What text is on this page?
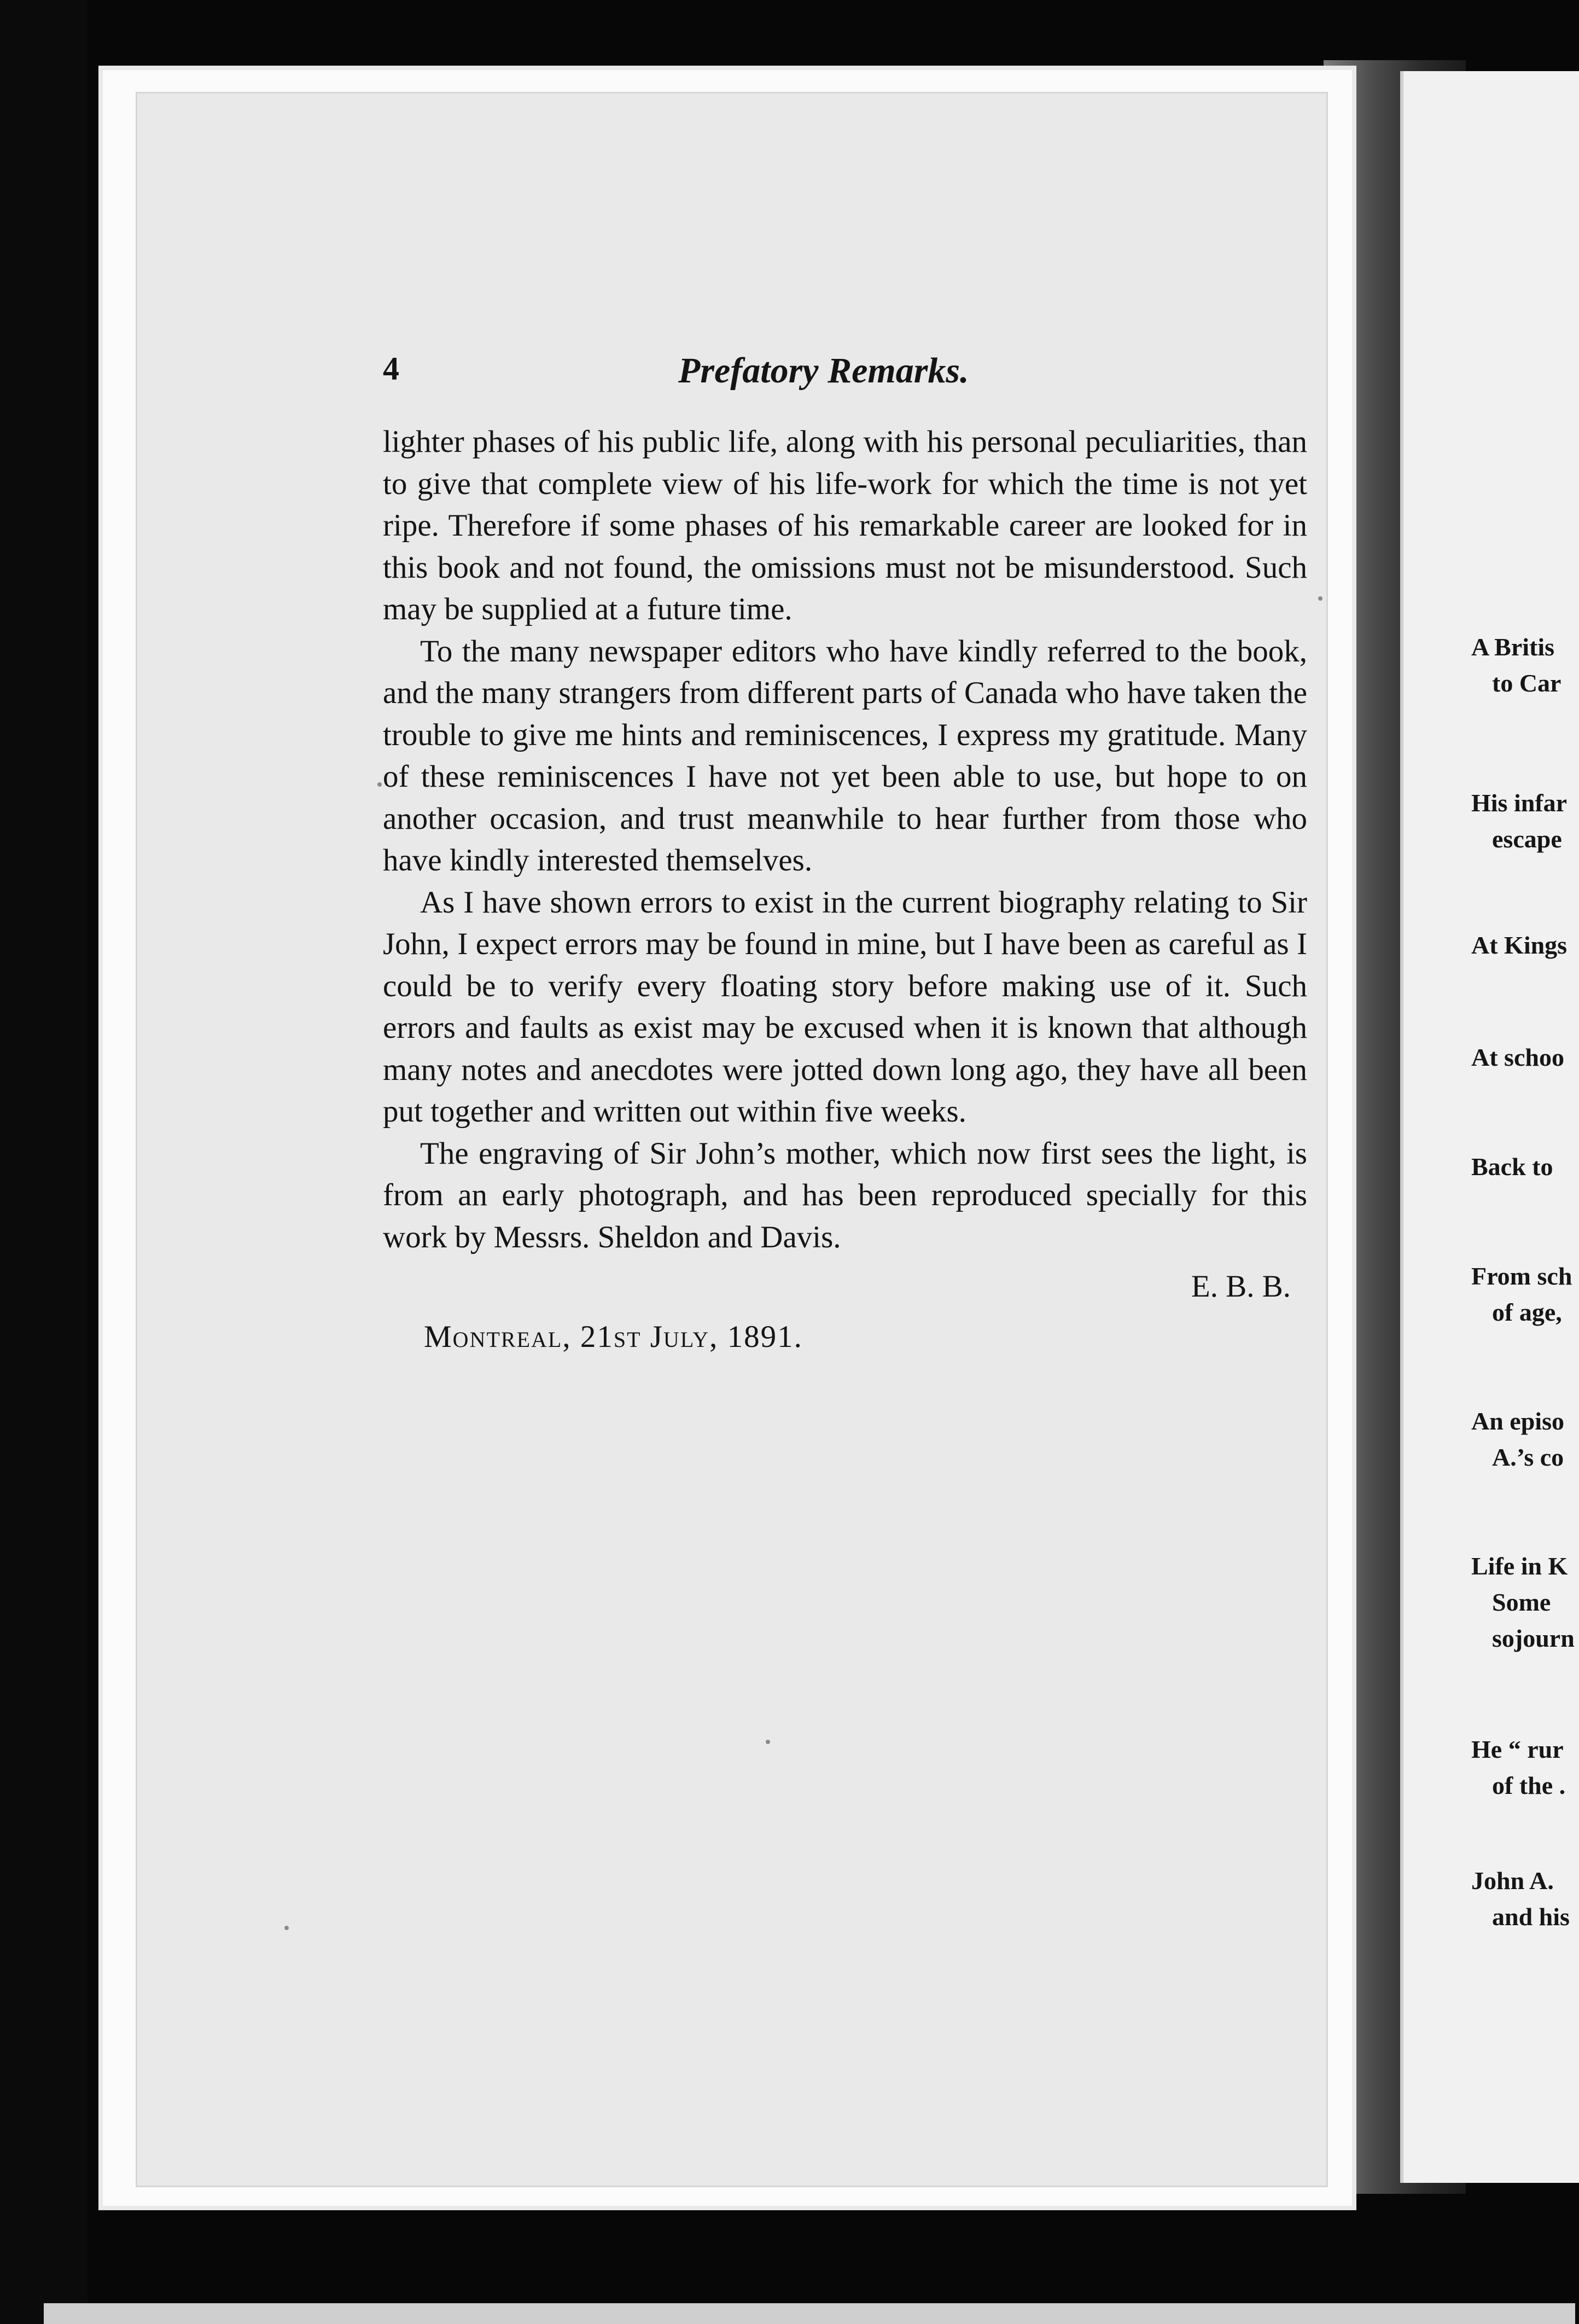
4	Prefatory Remarks.

lighter phases of his public life, along with his personal peculiarities, than to give that complete view of his life-work for which the time is not yet ripe. Therefore if some phases of his remarkable career are looked for in this book and not found, the omissions must not be misunderstood. Such may be supplied at a future time.

To the many newspaper editors who have kindly referred to the book, and the many strangers from different parts of Canada who have taken the trouble to give me hints and reminiscences, I express my gratitude. Many of these reminiscences I have not yet been able to use, but hope to on another occasion, and trust meanwhile to hear further from those who have kindly interested themselves.

As I have shown errors to exist in the current biography relating to Sir John, I expect errors may be found in mine, but I have been as careful as I could be to verify every floating story before making use of it. Such errors and faults as exist may be excused when it is known that although many notes and anecdotes were jotted down long ago, they have all been put together and written out within five weeks.

The engraving of Sir John’s mother, which now first sees the light, is from an early photograph, and has been reproduced specially for this work by Messrs. Sheldon and Davis.

E. B. B.
Montreal, 21st July, 1891.
A Britis
to Car
His infar
escape
At Kings
At schoo
Back to
From sch
of age,
An episo
A.’s co
Life in K
Some
sojourn
He “ rur
of the .
John A.
and his
